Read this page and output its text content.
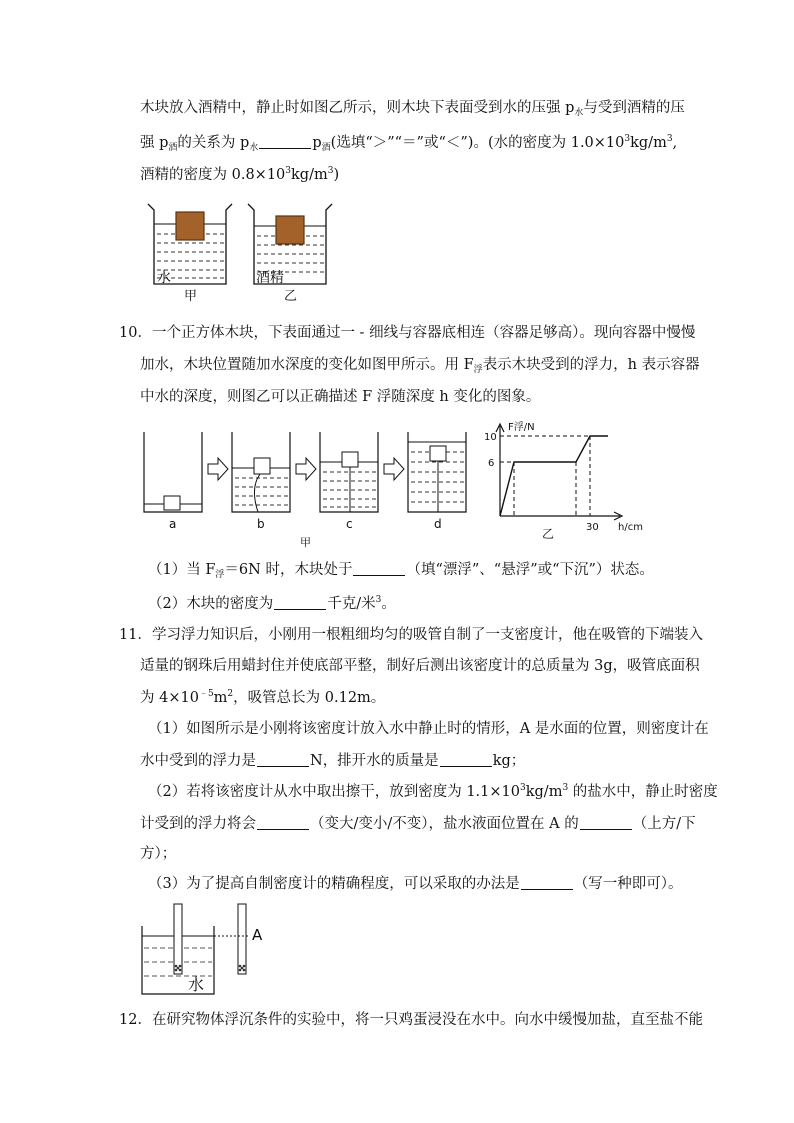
木块放入酒精中，静止时如图乙所示，则木块下表面受到水的压强 $p_水$与受到酒精的压
强 $p_酒$的关系为 $p_水$	$p_酒$(选填“＞”“＝”或“＜”)。(水的密度为 $1.0\times 10^3kg/m^3$,
酒精的密度为 $0.8\times 10^3kg/m^3$)
水
甲
酒精
乙
10．一个正方体木块，下表面通过一 - 细线与容器底相连（容器足够高）。现向容器中慢慢
加水，木块位置随加水深度的变化如图甲所示。用 $F_浮$表示木块受到的浮力，h 表示容器
中水的深度，则图乙可以正确描述 F 浮随深度 h 变化的图象。
a	b	c	d
甲
F浮/N
h/cm
10
6
30
乙
（1）当 $F_浮=6N$ 时，木块处于	（填“漂浮”、“悬浮”或“下沉”）状态。
（2）木块的密度为	千克/米$^3$。
11．学习浮力知识后，小刚用一根粗细均匀的吸管自制了一支密度计，他在吸管的下端装入
适量的钢珠后用蜡封住并使底部平整，制好后测出该密度计的总质量为 3g，吸管底面积
为 $4\times 10^{﹣5}m^2$，吸管总长为 0.12m。
（1）如图所示是小刚将该密度计放入水中静止时的情形，A 是水面的位置，则密度计在
水中受到的浮力是	N，排开水的质量是	kg；
（2）若将该密度计从水中取出擦干，放到密度为 $1.1\times 10^3kg/m^3$ 的盐水中，静止时密度
计受到的浮力将会	（变大/变小/不变），盐水液面位置在 A 的	（上方/下
方）；
（3）为了提高自制密度计的精确程度，可以采取的办法是	（写一种即可）。
A
水
12．在研究物体浮沉条件的实验中，将一只鸡蛋浸没在水中。向水中缓慢加盐，直至盐不能
